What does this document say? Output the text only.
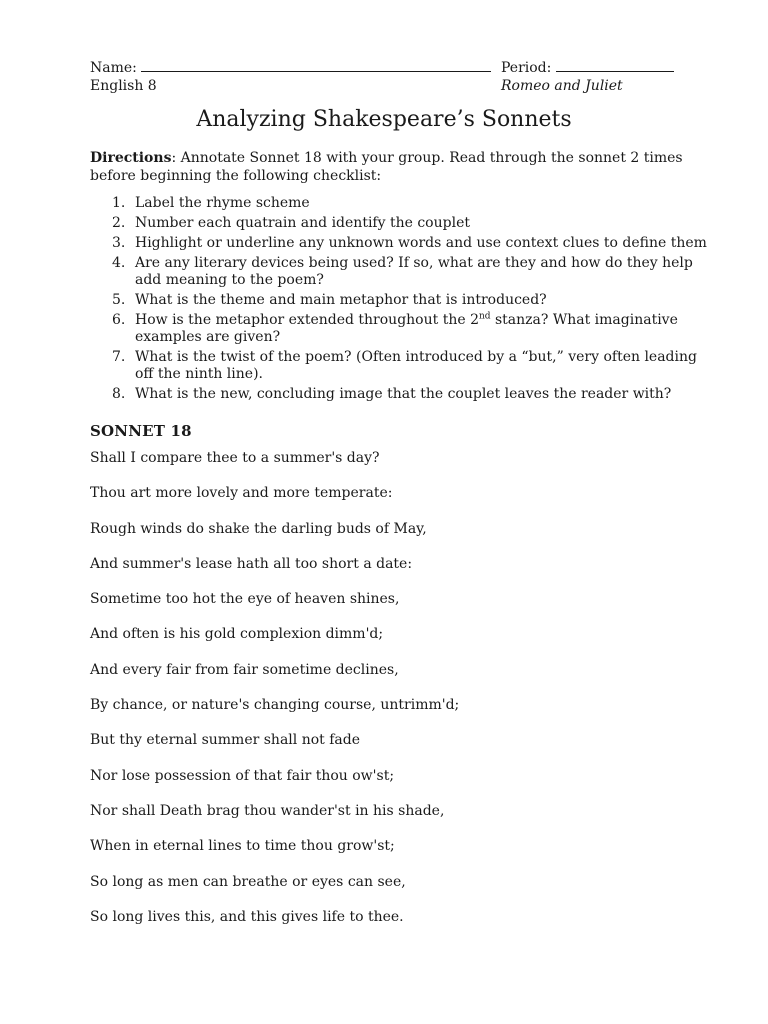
Name:	Period:
English 8	Romeo and Juliet
Analyzing Shakespeare’s Sonnets
Directions: Annotate Sonnet 18 with your group. Read through the sonnet 2 times before beginning the following checklist:
1. Label the rhyme scheme
2. Number each quatrain and identify the couplet
3. Highlight or underline any unknown words and use context clues to define them
4. Are any literary devices being used? If so, what are they and how do they help add meaning to the poem?
5. What is the theme and main metaphor that is introduced?
6. How is the metaphor extended throughout the 2nd stanza? What imaginative examples are given?
7. What is the twist of the poem? (Often introduced by a “but,” very often leading off the ninth line).
8. What is the new, concluding image that the couplet leaves the reader with?
SONNET 18
Shall I compare thee to a summer's day?
Thou art more lovely and more temperate:
Rough winds do shake the darling buds of May,
And summer's lease hath all too short a date:
Sometime too hot the eye of heaven shines,
And often is his gold complexion dimm'd;
And every fair from fair sometime declines,
By chance, or nature's changing course, untrimm'd;
But thy eternal summer shall not fade
Nor lose possession of that fair thou ow'st;
Nor shall Death brag thou wander'st in his shade,
When in eternal lines to time thou grow'st;
So long as men can breathe or eyes can see,
So long lives this, and this gives life to thee.
